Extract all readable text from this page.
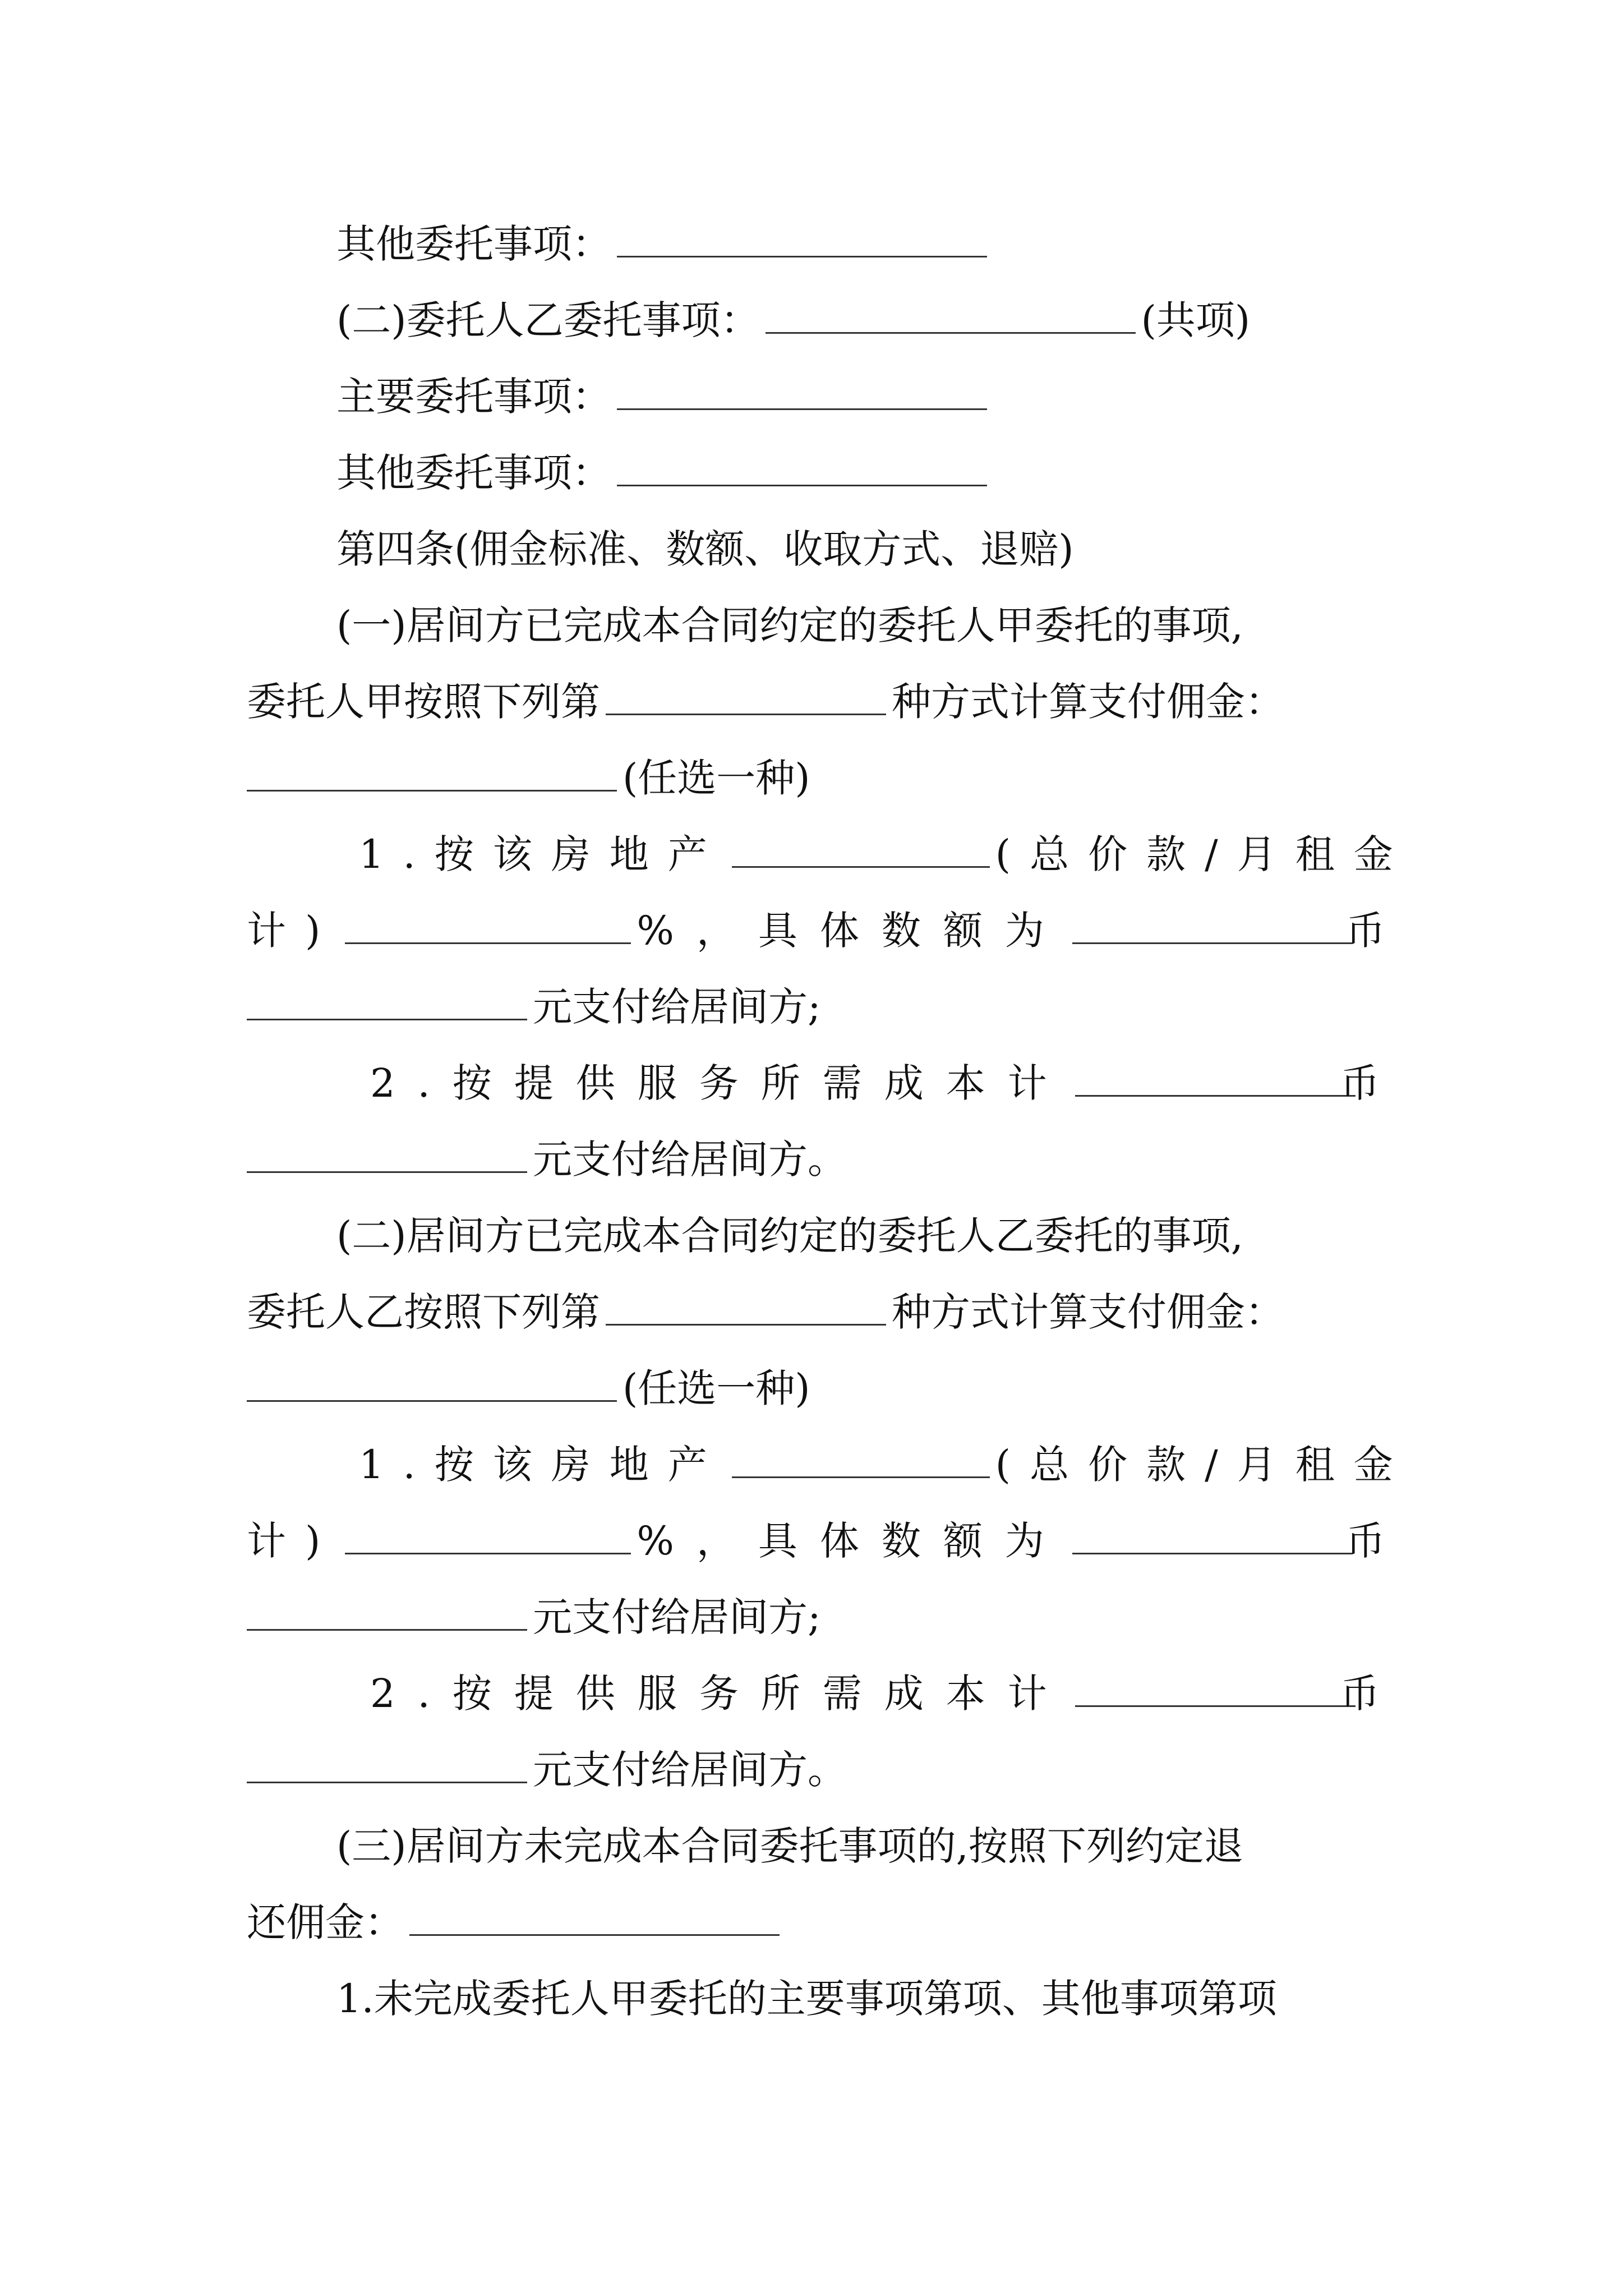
其他委托事项：
(二)委托人乙委托事项：	(共项)
主要委托事项：
其他委托事项：
第四条(佣金标准、数额、收取方式、退赔)
(一)居间方已完成本合同约定的委托人甲委托的事项,
委托人甲按照下列第	种方式计算支付佣金：
(任选一种)
1.按该房地产	(总价款/月租金
计)	%，具体数额为	币
元支付给居间方;
2.按提供服务所需成本计	币
元支付给居间方。
(二)居间方已完成本合同约定的委托人乙委托的事项,
委托人乙按照下列第	种方式计算支付佣金：
(任选一种)
1.按该房地产	(总价款/月租金
计)	%，具体数额为	币
元支付给居间方;
2.按提供服务所需成本计	币
元支付给居间方。
(三)居间方未完成本合同委托事项的,按照下列约定退
还佣金：
1.未完成委托人甲委托的主要事项第项、其他事项第项
